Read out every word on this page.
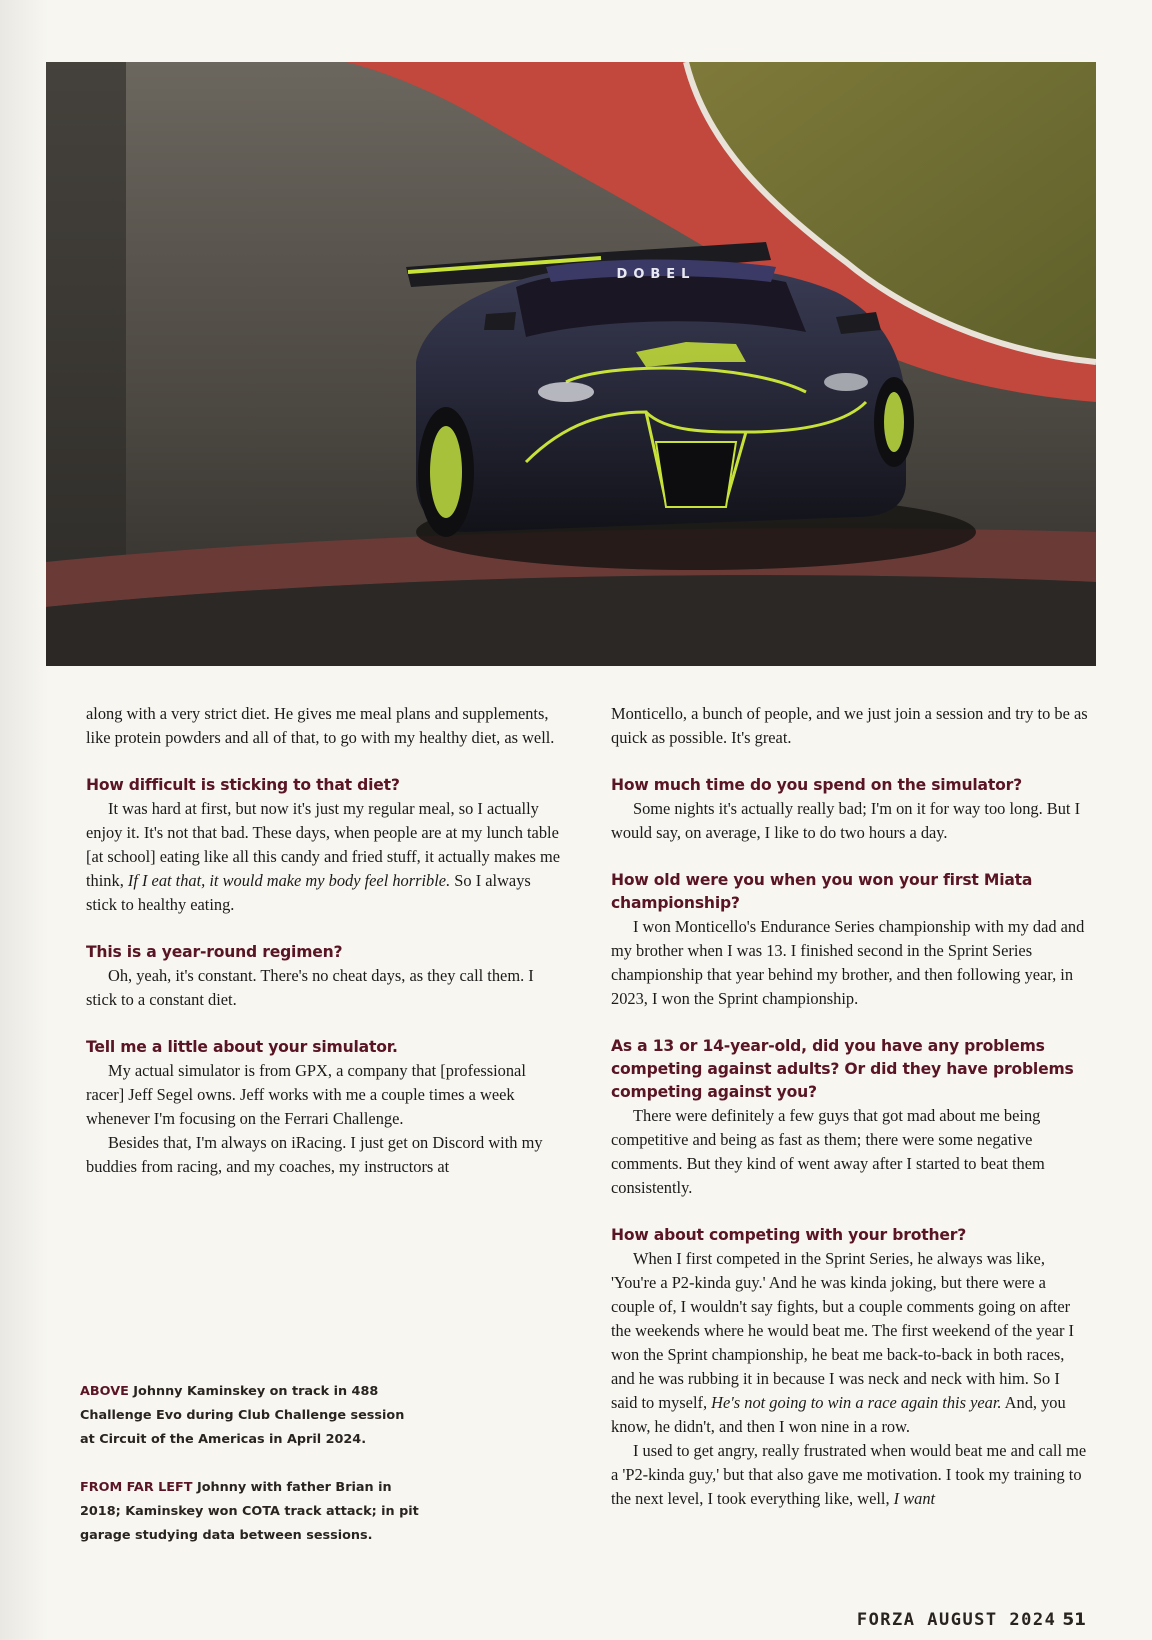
DOBEL

along with a very strict diet. He gives me meal plans and supplements, like protein powders and all of that, to go with my healthy diet, as well.

How difficult is sticking to that diet?

It was hard at first, but now it's just my regular meal, so I actually enjoy it. It's not that bad. These days, when people are at my lunch table [at school] eating like all this candy and fried stuff, it actually makes me think, If I eat that, it would make my body feel horrible. So I always stick to healthy eating.

This is a year-round regimen?

Oh, yeah, it's constant. There's no cheat days, as they call them. I stick to a constant diet.

Tell me a little about your simulator.

My actual simulator is from GPX, a company that [professional racer] Jeff Segel owns. Jeff works with me a couple times a week whenever I'm focusing on the Ferrari Challenge.

Besides that, I'm always on iRacing. I just get on Discord with my buddies from racing, and my coaches, my instructors at

Monticello, a bunch of people, and we just join a session and try to be as quick as possible. It's great.

How much time do you spend on the simulator?

Some nights it's actually really bad; I'm on it for way too long. But I would say, on average, I like to do two hours a day.

How old were you when you won your first Miata championship?

I won Monticello's Endurance Series championship with my dad and my brother when I was 13. I finished second in the Sprint Series championship that year behind my brother, and then following year, in 2023, I won the Sprint championship.

As a 13 or 14-year-old, did you have any problems competing against adults? Or did they have problems competing against you?

There were definitely a few guys that got mad about me being competitive and being as fast as them; there were some negative comments. But they kind of went away after I started to beat them consistently.

How about competing with your brother?

When I first competed in the Sprint Series, he always was like, 'You're a P2-kinda guy.' And he was kinda joking, but there were a couple of, I wouldn't say fights, but a couple comments going on after the weekends where he would beat me. The first weekend of the year I won the Sprint championship, he beat me back-to-back in both races, and he was rubbing it in because I was neck and neck with him. So I said to myself, He's not going to win a race again this year. And, you know, he didn't, and then I won nine in a row.

I used to get angry, really frustrated when would beat me and call me a 'P2-kinda guy,' but that also gave me motivation. I took my training to the next level, I took everything like, well, I want

ABOVE Johnny Kaminskey on track in 488 Challenge Evo during Club Challenge session at Circuit of the Americas in April 2024.

FROM FAR LEFT Johnny with father Brian in 2018; Kaminskey won COTA track attack; in pit garage studying data between sessions.

FORZA AUGUST 2024 51
